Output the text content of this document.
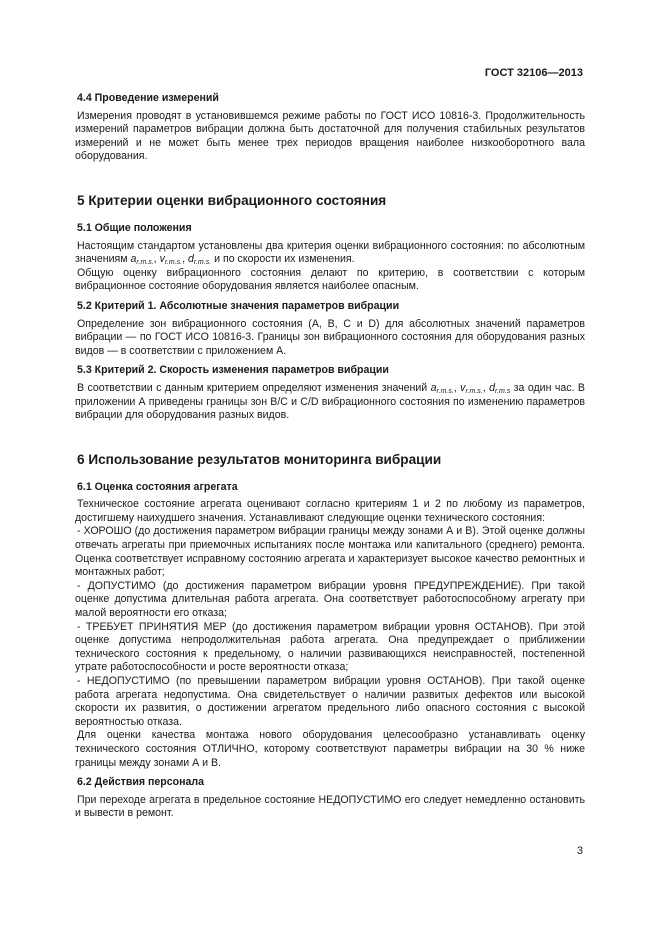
ГОСТ 32106—2013
4.4 Проведение измерений

Измерения проводят в установившемся режиме работы по ГОСТ ИСО 10816-3. Продолжительность измерений параметров вибрации должна быть достаточной для получения стабильных результатов измерений и не может быть менее трех периодов вращения наиболее низкооборотного вала оборудования.

5 Критерии оценки вибрационного состояния
5.1 Общие положения

Настоящим стандартом установлены два критерия оценки вибрационного состояния: по абсолютным значениям $a_{r.m.s.}$, $v_{r.m.s.}$, $d_{r.m.s.}$ и по скорости их изменения.

Общую оценку вибрационного состояния делают по критерию, в соответствии с которым вибрационное состояние оборудования является наиболее опасным.

5.2 Критерий 1. Абсолютные значения параметров вибрации

Определение зон вибрационного состояния (А, В, С и D) для абсолютных значений параметров вибрации — по ГОСТ ИСО 10816-3. Границы зон вибрационного состояния для оборудования разных видов — в соответствии с приложением А.

5.3 Критерий 2. Скорость изменения параметров вибрации

В соответствии с данным критерием определяют изменения значений $a_{r.m.s.}$, $v_{r.m.s.}$, $d_{r.m.s}$ за один час. В приложении А приведены границы зон В/С и C/D вибрационного состояния по изменению параметров вибрации для оборудования разных видов.

6 Использование результатов мониторинга вибрации
6.1 Оценка состояния агрегата

Техническое состояние агрегата оценивают согласно критериям 1 и 2 по любому из параметров, достигшему наихудшего значения. Устанавливают следующие оценки технического состояния:

- ХОРОШО (до достижения параметром вибрации границы между зонами А и В). Этой оценке должны отвечать агрегаты при приемочных испытаниях после монтажа или капитального (среднего) ремонта. Оценка соответствует исправному состоянию агрегата и характеризует высокое качество ремонтных и монтажных работ;

- ДОПУСТИМО (до достижения параметром вибрации уровня ПРЕДУПРЕЖДЕНИЕ). При такой оценке допустима длительная работа агрегата. Она соответствует работоспособному агрегату при малой вероятности его отказа;

- ТРЕБУЕТ ПРИНЯТИЯ МЕР (до достижения параметром вибрации уровня ОСТАНОВ). При этой оценке допустима непродолжительная работа агрегата. Она предупреждает о приближении технического состояния к предельному, о наличии развивающихся неисправностей, постепенной утрате работоспособности и росте вероятности отказа;

- НЕДОПУСТИМО (по превышении параметром вибрации уровня ОСТАНОВ). При такой оценке работа агрегата недопустима. Она свидетельствует о наличии развитых дефектов или высокой скорости их развития, о достижении агрегатом предельного либо опасного состояния с высокой вероятностью отказа.

Для оценки качества монтажа нового оборудования целесообразно устанавливать оценку технического состояния ОТЛИЧНО, которому соответствуют параметры вибрации на 30 % ниже границы между зонами А и В.

6.2 Действия персонала

При переходе агрегата в предельное состояние НЕДОПУСТИМО его следует немедленно остановить и вывести в ремонт.

3
